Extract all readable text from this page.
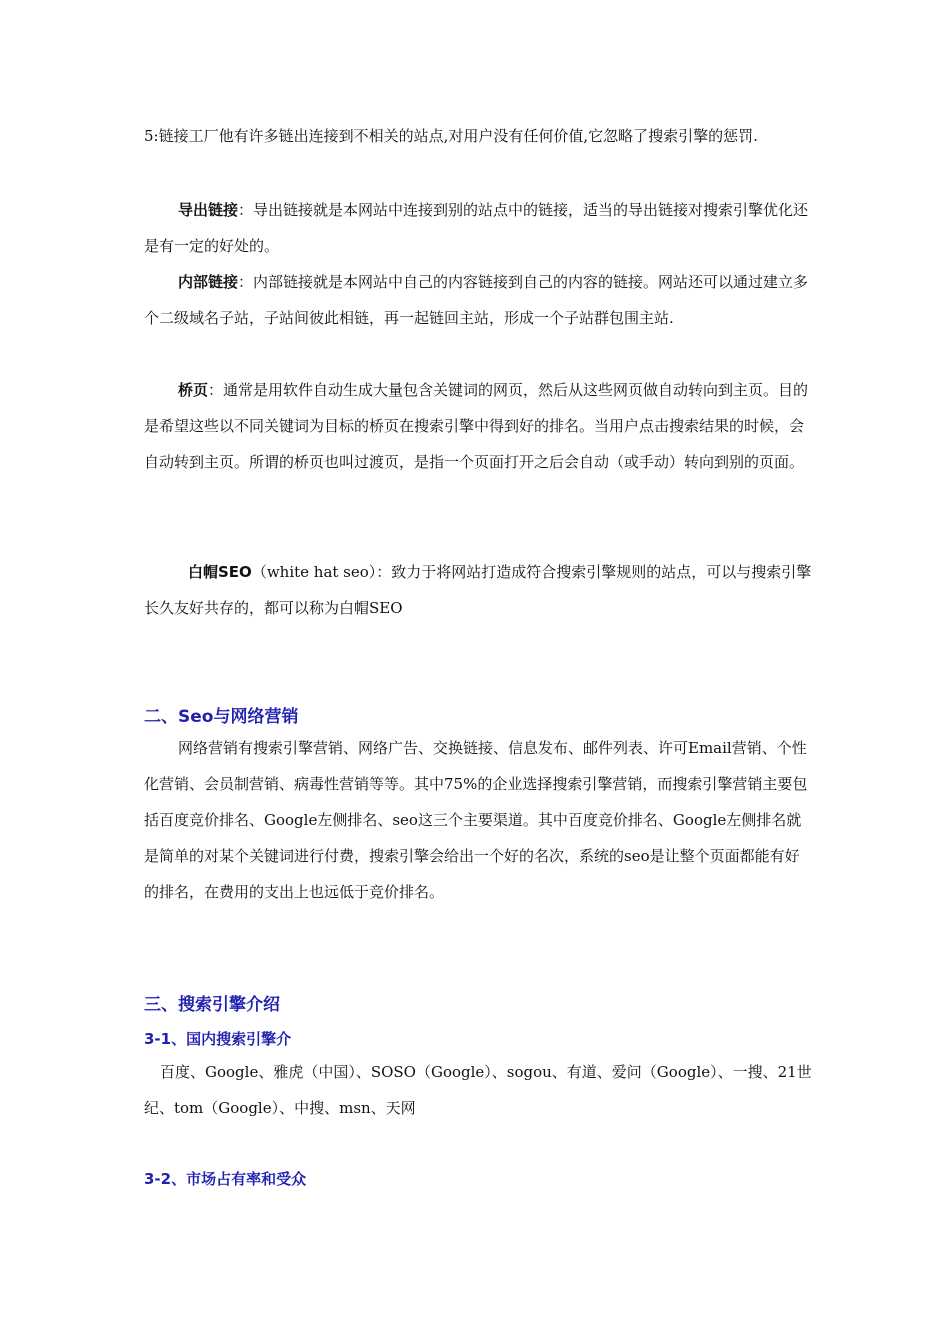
5:链接工厂他有许多链出连接到不相关的站点,对用户没有任何价值,它忽略了搜索引擎的惩罚.

导出链接：导出链接就是本网站中连接到别的站点中的链接，适当的导出链接对搜索引擎优化还是有一定的好处的。

内部链接：内部链接就是本网站中自己的内容链接到自己的内容的链接。网站还可以通过建立多个二级域名子站，子站间彼此相链，再一起链回主站，形成一个子站群包围主站.

桥页：通常是用软件自动生成大量包含关键词的网页，然后从这些网页做自动转向到主页。目的是希望这些以不同关键词为目标的桥页在搜索引擎中得到好的排名。当用户点击搜索结果的时候，会自动转到主页。所谓的桥页也叫过渡页，是指一个页面打开之后会自动（或手动）转向到别的页面。

白帽SEO（white hat seo）：致力于将网站打造成符合搜索引擎规则的站点，可以与搜索引擎长久友好共存的，都可以称为白帽SEO

二、Seo与网络营销

网络营销有搜索引擎营销、网络广告、交换链接、信息发布、邮件列表、许可Email营销、个性化营销、会员制营销、病毒性营销等等。其中75%的企业选择搜索引擎营销，而搜索引擎营销主要包括百度竞价排名、Google左侧排名、seo这三个主要渠道。其中百度竞价排名、Google左侧排名就是简单的对某个关键词进行付费，搜索引擎会给出一个好的名次，系统的seo是让整个页面都能有好的排名，在费用的支出上也远低于竞价排名。

三、搜索引擎介绍
3-1、国内搜索引擎介

百度、Google、雅虎（中国）、SOSO（Google）、sogou、有道、爱问（Google）、一搜、21世纪、tom（Google）、中搜、msn、天网

3-2、市场占有率和受众
